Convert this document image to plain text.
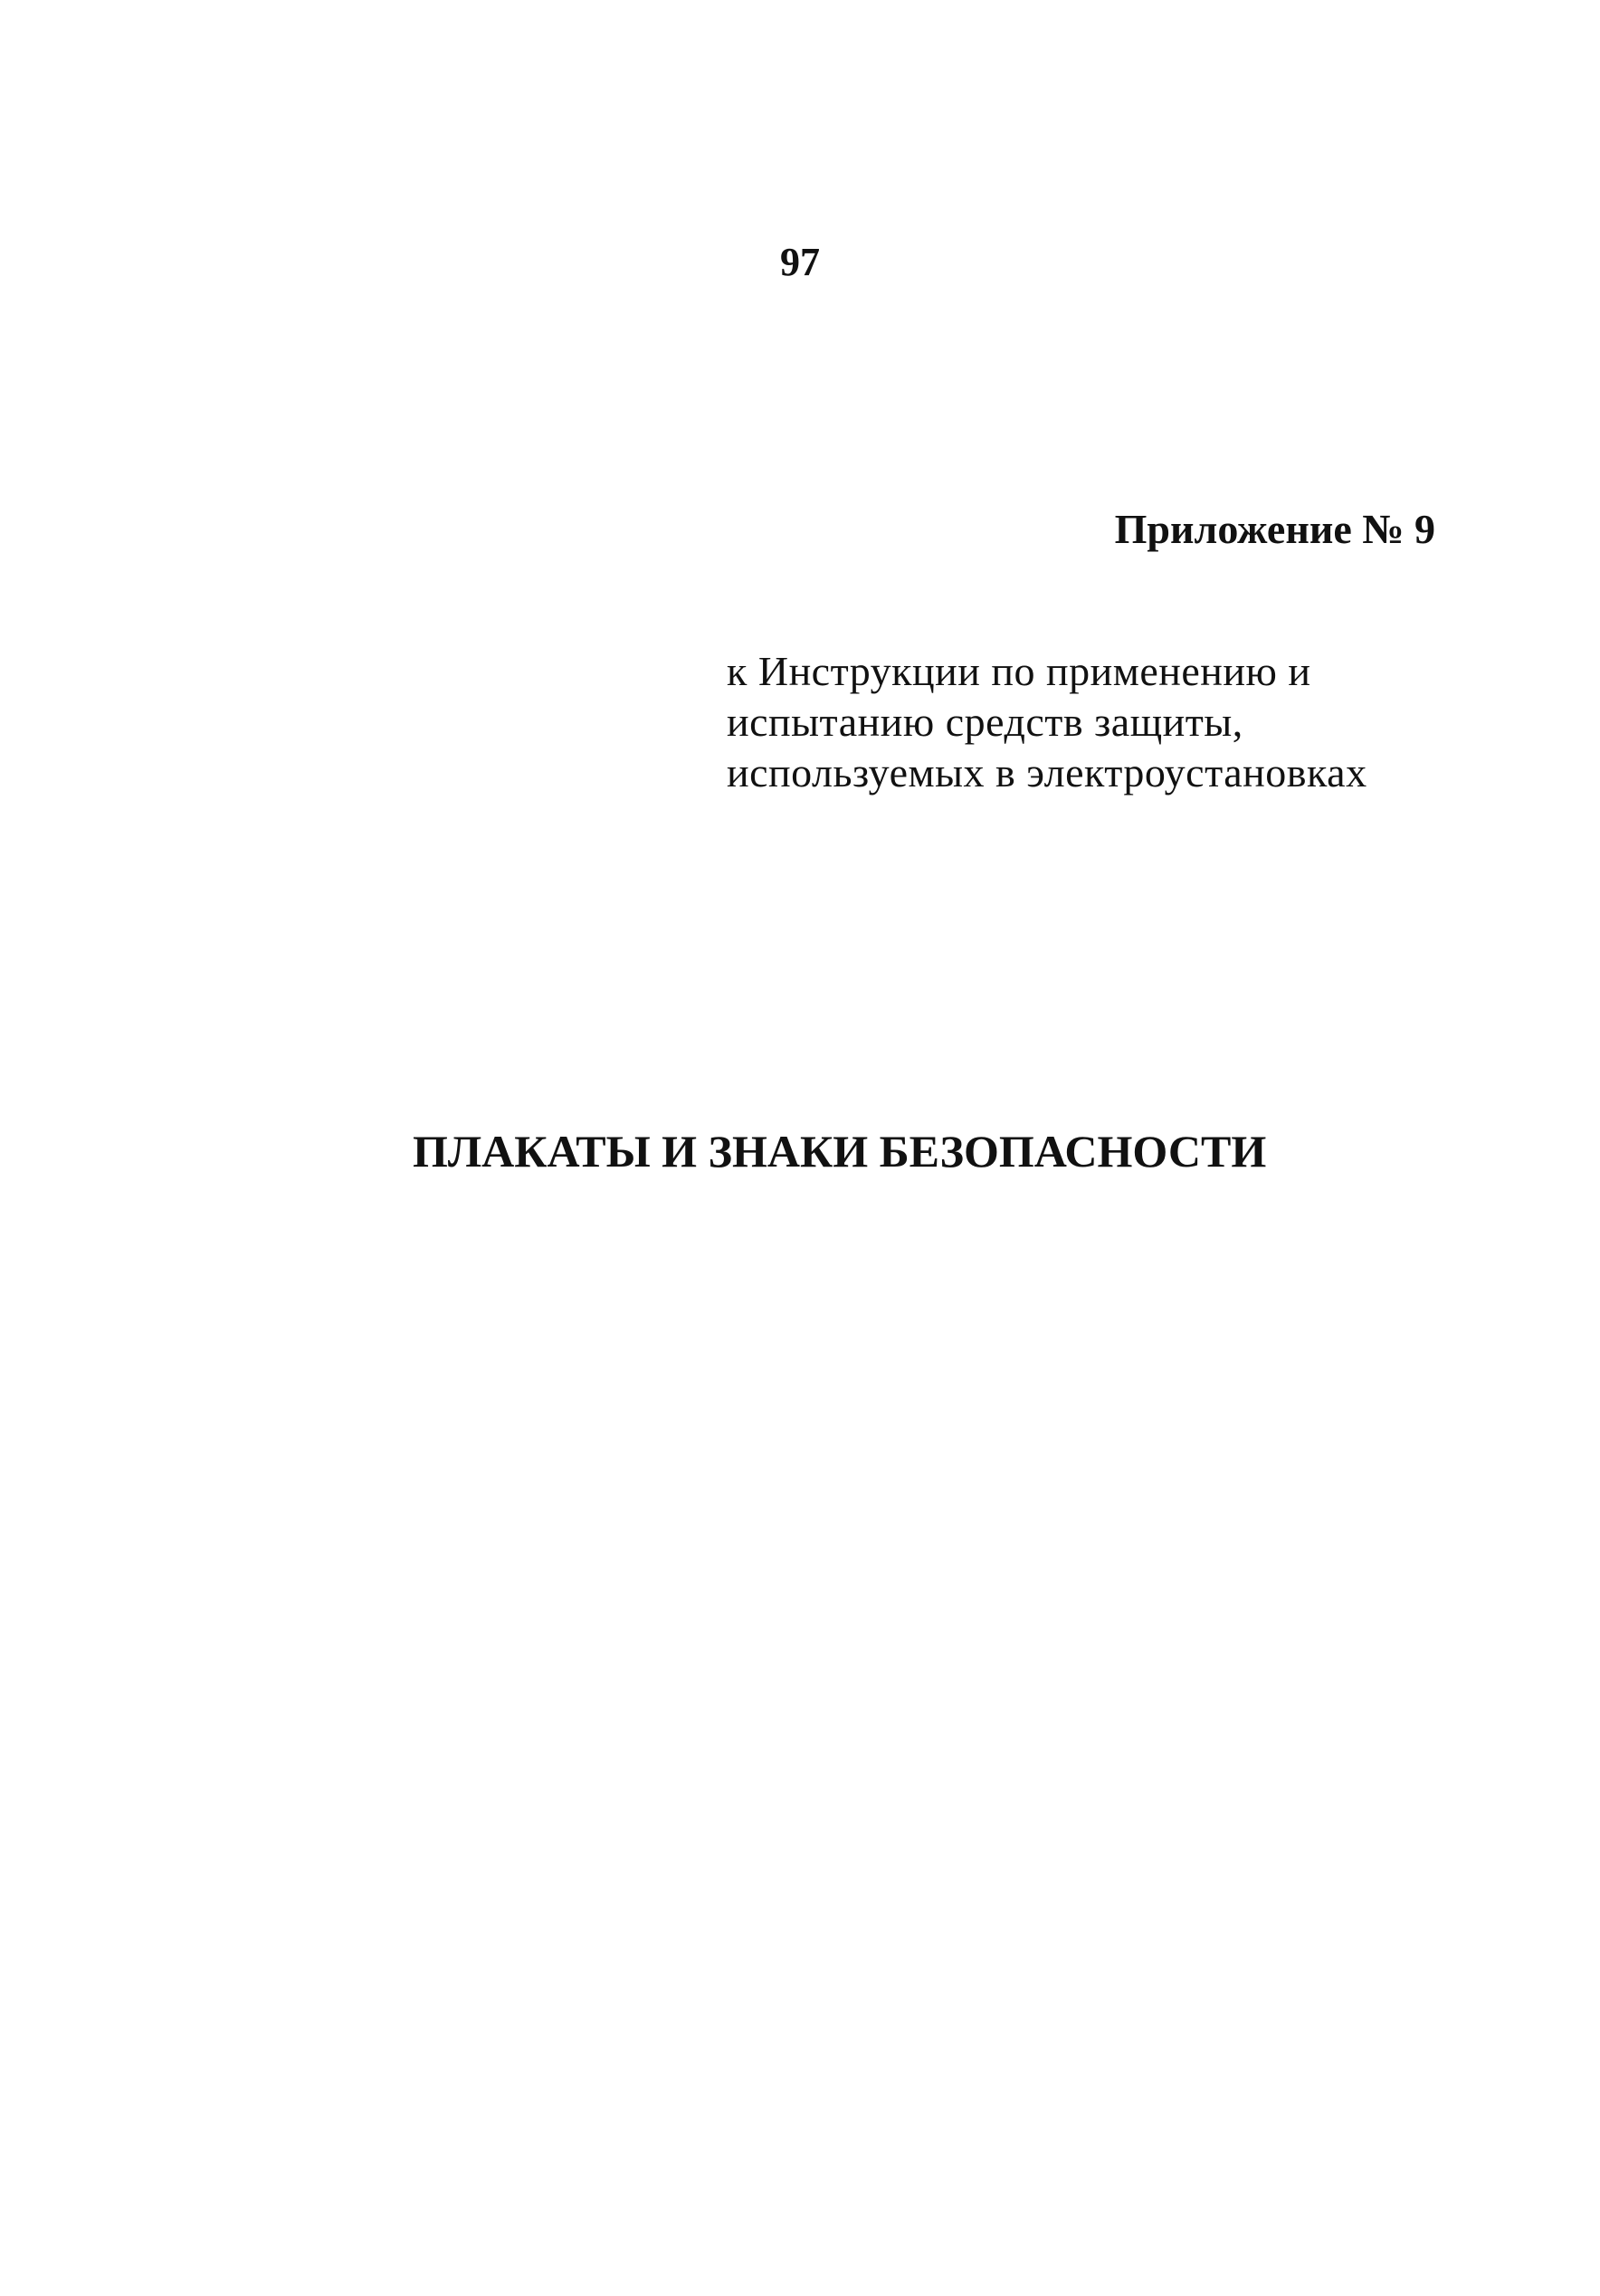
97
Приложение № 9
к Инструкции по применению и
испытанию средств защиты,
используемых в электроустановках
ПЛАКАТЫ И ЗНАКИ БЕЗОПАСНОСТИ
